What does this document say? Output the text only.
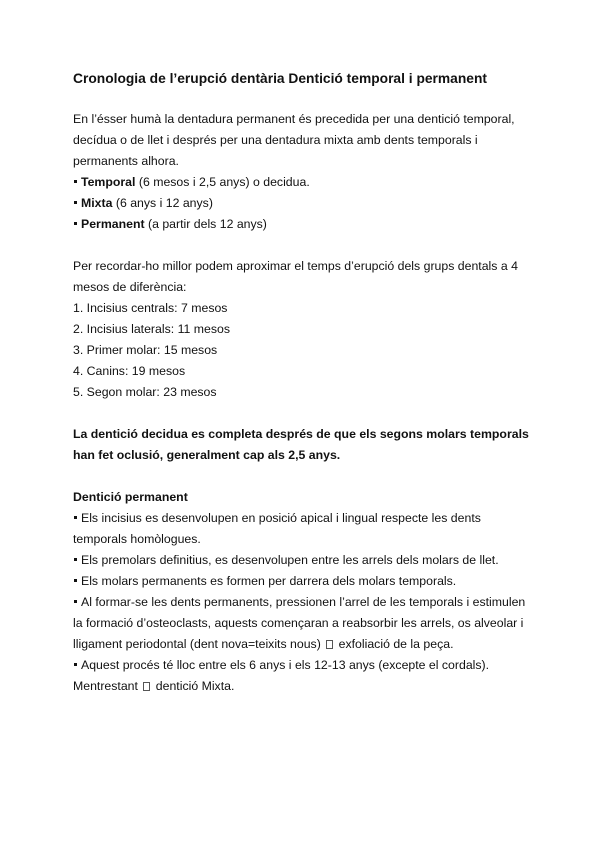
Cronologia de l’erupció dentària Dentició temporal i permanent

En l’ésser humà la dentadura permanent és precedida per una dentició temporal,

decídua o de llet i després per una dentadura mixta amb dents temporals i

permanents alhora.

Temporal (6 mesos i 2,5 anys) o decidua.

Mixta (6 anys i 12 anys)

Permanent (a partir dels 12 anys)

Per recordar-ho millor podem aproximar el temps d’erupció dels grups dentals a 4

mesos de diferència:

1. Incisius centrals: 7 mesos

2. Incisius laterals: 11 mesos

3. Primer molar: 15 mesos

4. Canins: 19 mesos

5. Segon molar: 23 mesos

La dentició decidua es completa després de que els segons molars temporals

han fet oclusió, generalment cap als 2,5 anys.

Dentició permanent

Els incisius es desenvolupen en posició apical i lingual respecte les dents

temporals homòlogues.

Els premolars definitius, es desenvolupen entre les arrels dels molars de llet.

Els molars permanents es formen per darrera dels molars temporals.

Al formar-se les dents permanents, pressionen l’arrel de les temporals i estimulen

la formació d’osteoclasts, aquests començaran a reabsorbir les arrels, os alveolar i

lligament periodontal (dent nova=teixits nous) exfoliació de la peça.

Aquest procés té lloc entre els 6 anys i els 12-13 anys (excepte el cordals).

Mentrestant dentició Mixta.
